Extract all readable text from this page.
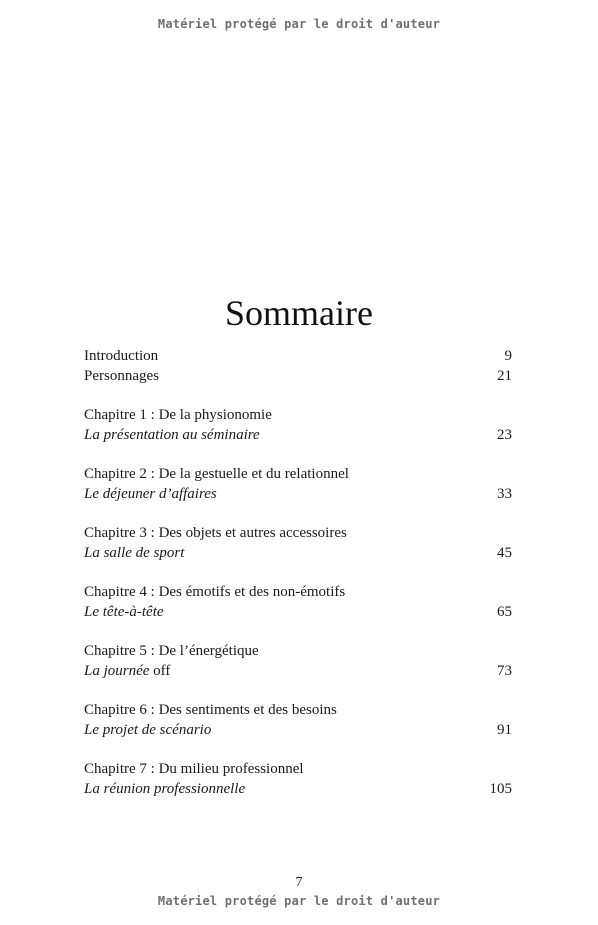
Matériel protégé par le droit d'auteur
Sommaire
Introduction	9
Personnages	21
Chapitre 1 : De la physionomie
La présentation au séminaire	23
Chapitre 2 : De la gestuelle et du relationnel
Le déjeuner d’affaires	33
Chapitre 3 : Des objets et autres accessoires
La salle de sport	45
Chapitre 4 : Des émotifs et des non-émotifs
Le tête-à-tête	65
Chapitre 5 : De l’énergétique
La journée off	73
Chapitre 6 : Des sentiments et des besoins
Le projet de scénario	91
Chapitre 7 : Du milieu professionnel
La réunion professionnelle	105
7
Matériel protégé par le droit d'auteur
